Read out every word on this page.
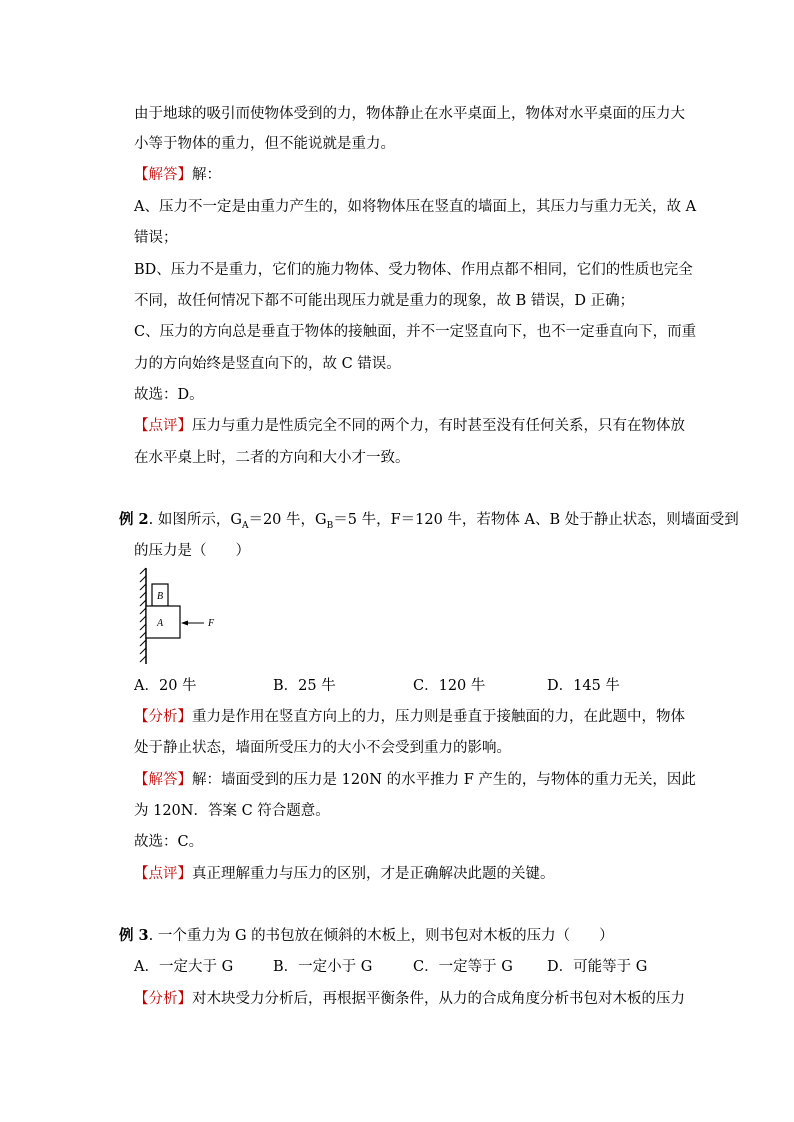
由于地球的吸引而使物体受到的力，物体静止在水平桌面上，物体对水平桌面的压力大
小等于物体的重力，但不能说就是重力。
【解答】解：
A、压力不一定是由重力产生的，如将物体压在竖直的墙面上，其压力与重力无关，故 A
错误；
BD、压力不是重力，它们的施力物体、受力物体、作用点都不相同，它们的性质也完全
不同，故任何情况下都不可能出现压力就是重力的现象，故 B 错误，D 正确；
C、压力的方向总是垂直于物体的接触面，并不一定竖直向下，也不一定垂直向下，而重
力的方向始终是竖直向下的，故 C 错误。
故选：D。
【点评】压力与重力是性质完全不同的两个力，有时甚至没有任何关系，只有在物体放
在水平桌上时，二者的方向和大小才一致。
例 2. 如图所示，$G_A=20$ 牛，$G_B=5$ 牛，F＝120 牛，若物体 A、B 处于静止状态，则墙面受到
的压力是（　　）
B
A	F
A．20 牛	B．25 牛	C．120 牛	D．145 牛
【分析】重力是作用在竖直方向上的力，压力则是垂直于接触面的力，在此题中，物体
处于静止状态，墙面所受压力的大小不会受到重力的影响。
【解答】解：墙面受到的压力是 120N 的水平推力 F 产生的，与物体的重力无关，因此
为 120N．答案 C 符合题意。
故选：C。
【点评】真正理解重力与压力的区别，才是正确解决此题的关键。
例 3. 一个重力为 G 的书包放在倾斜的木板上，则书包对木板的压力（　　）
A．一定大于 G	B．一定小于 G	C．一定等于 G D．可能等于 G
【分析】对木块受力分析后，再根据平衡条件，从力的合成角度分析书包对木板的压力
